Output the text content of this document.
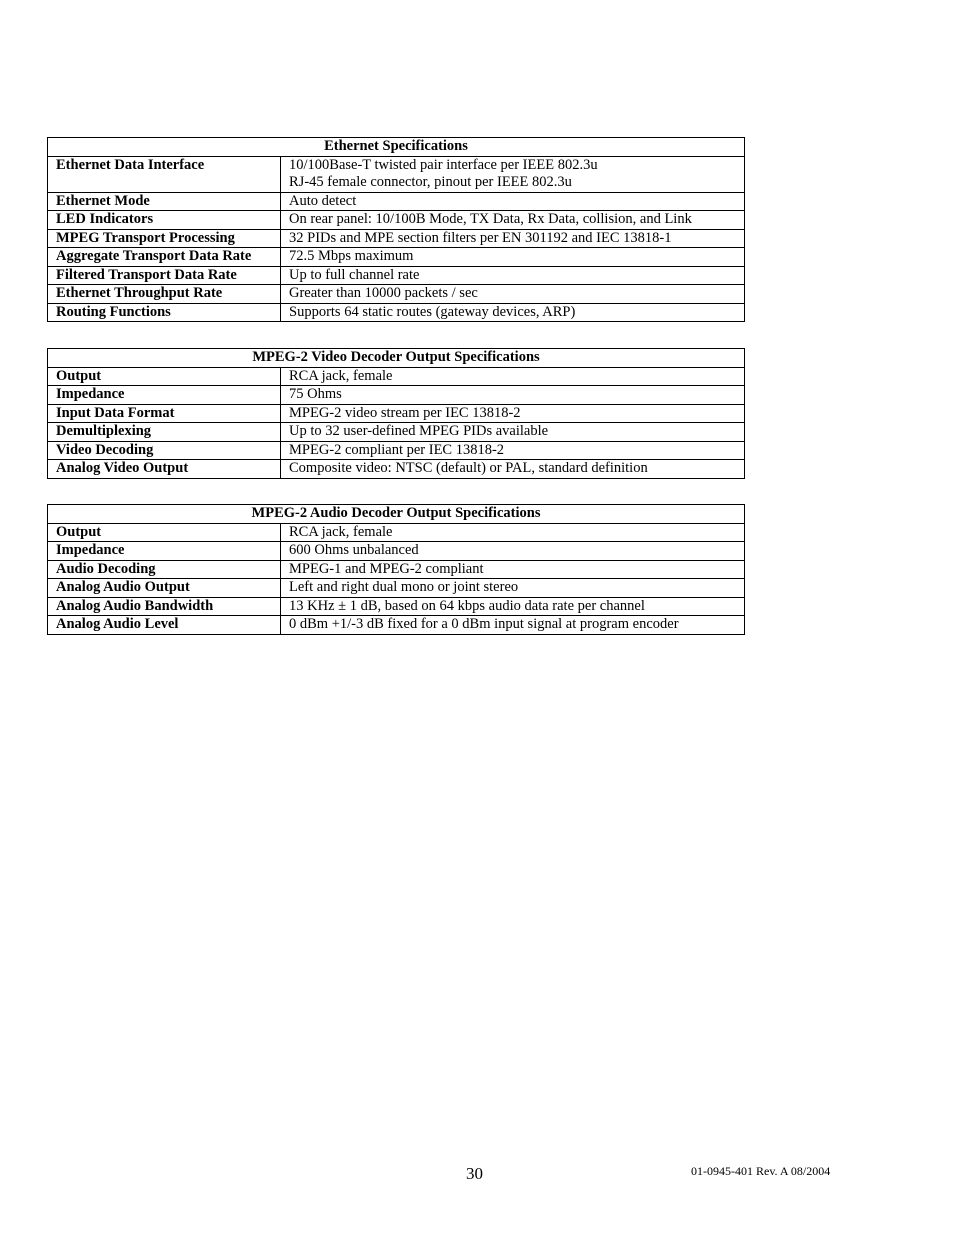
Ethernet Specifications	
Ethernet Data Interface	10/100Base-T twisted pair interface per IEEE 802.3u
RJ-45 female connector, pinout per IEEE 802.3u

Ethernet Mode	Auto detect

LED Indicators	On rear panel: 10/100B Mode, TX Data, Rx Data, collision, and Link

MPEG Transport Processing	32 PIDs and MPE section filters per EN 301192 and IEC 13818-1

Aggregate Transport Data Rate	72.5 Mbps maximum

Filtered Transport Data Rate	Up to full channel rate

Ethernet Throughput Rate	Greater than 10000 packets / sec

Routing Functions	Supports 64 static routes (gateway devices, ARP)
MPEG-2 Video Decoder Output Specifications	
Output	RCA jack, female

Impedance	75 Ohms

Input Data Format	MPEG-2 video stream per IEC 13818-2

Demultiplexing	Up to 32 user-defined MPEG PIDs available

Video Decoding	MPEG-2 compliant per IEC 13818-2

Analog Video Output	Composite video: NTSC (default) or PAL, standard definition
MPEG-2 Audio Decoder Output Specifications	
Output	RCA jack, female

Impedance	600 Ohms unbalanced

Audio Decoding	MPEG-1 and MPEG-2 compliant

Analog Audio Output	Left and right dual mono or joint stereo

Analog Audio Bandwidth	13 KHz ± 1 dB, based on 64 kbps audio data rate per channel

Analog Audio Level	0 dBm +1/-3 dB fixed for a 0 dBm input signal at program encoder
30	01-0945-401 Rev. A 08/2004
